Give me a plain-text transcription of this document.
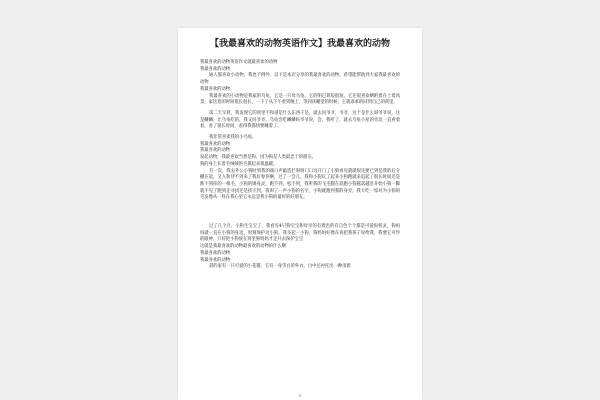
【我最喜欢的动物英语作文】我最喜欢的动物

我最喜欢的动物英语作文就最喜欢的动物

我最喜欢的动物

通人都喜欢小动物，我也不例外，以下是本店分享的我最喜欢的动物，希望能帮助到大家我最喜欢的动物

我最喜欢的动物

我最喜欢的小动物是我家的乌龟，它是一只母乌龟，它的明巴算短很短，它还很喜欢晒附着在上着风景，家这着的时间很长很长，一下子从下午看到晚上，等到该睡觉的时候，它就乖乖的回到自己的窝里。

第二天早晨，我发现它的窝里不和道是什么东西干是，就去问爷爷，爷爷，这个是什么呀爷爷说，这是鳞鳞，让乌龟吃的，我又问爷爷，乌龟会吃鳞鳞吗爷爷说，会，我听了，就去乌龟小屋的旁边一直看着看，看了很长时间，看得我都快要睡着了。

我非常喜欢我的小乌龟。

我最喜欢的动物

我最喜欢的动物

说起动物，我最喜欢当然是狗，因为狗是人类最忠于的朋友。

狗的身上长着毛绒绒的毛摸起来很温暖。

有一次，我去外公小狗时到我的端口声敲选拦呀呀门口这开门了小狗看见就就很还要已到是我的后分撒在起，又入和待不到来了我好春你啊，过了一会儿，我和小狗玩了起来小狗跑就来追起了很长时间还是跌不到你的一根毛，小狗的锦身灵，跑不到，松不到，我听我的飞毛腿在追跑小狗越落越近开始小狗一脚就不见了跑到走寻找还是找不到，我叫了一声小狗的名字，小狗就跑到我的身旁，我大吃一惊对为小狗的毛发像从一样在我心里它永远是我小狗的最好的好朋友。

过了几个月，小狗生宝宝了，我看见4只狗宝宝和母亲的有着色的有自色个个都是可爱很机灵，狗妈妈就一直在小狗的身边，时刻保护这小狗，我多起一小狗，狗妈妈好像在说把我孩子说给我，我要它可怜的眼神，只好把小狗放在窝里狗妈妈才走开去保护宝宝

这就是我最喜欢的动物最喜欢的动物的什么啊

我最喜欢的动物

我最喜欢的动物

彩的家有一只可爱的小花猫，它有一身雪白的外衣，白中还衬托出一种清新

1
